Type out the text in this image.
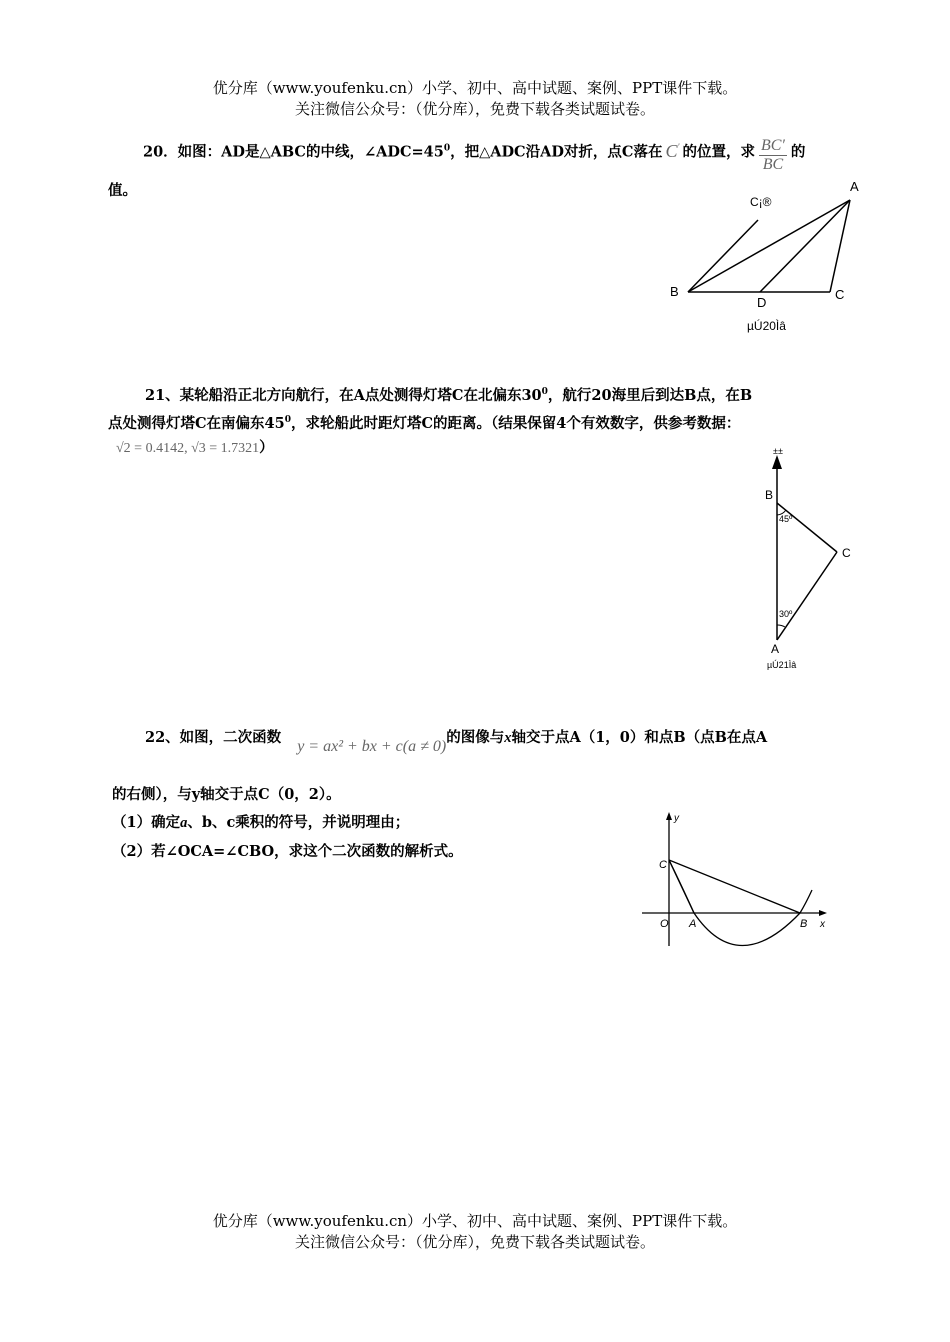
优分库（www.youfenku.cn）小学、初中、高中试题、案例、PPT课件下载。
关注微信公众号：（优分库），免费下载各类试题试卷。
20．如图：AD是△ABC的中线，$\angle ADC=45^0$，把△ADC沿AD对折，点C落在 C′ 的位置，求 $\frac{BC'}{BC}$ 的
值。
C¡®
A
B
D
C
µÚ20Ìâ
21、某轮船沿正北方向航行，在A点处测得灯塔C在北偏东$30^0$，航行20海里后到达B点，在B
点处测得灯塔C在南偏东$45^0$，求轮船此时距灯塔C的距离。（结果保留4个有效数字，供参考数据：
√2 = 0.4142, √3 = 1.7321）	±±
B
45º
C
30º
A
µÚ21Ìâ
22、如图，二次函数y = ax² + bx + c(a ≠ 0)的图像与x轴交于点A（1，0）和点B（点B在点A
的右侧），与y轴交于点C（0，2）。
（1）确定a、b、c乘积的符号，并说明理由；
（2）若∠OCA=∠CBO，求这个二次函数的解析式。
y
x
C
O A	B
优分库（www.youfenku.cn）小学、初中、高中试题、案例、PPT课件下载。
关注微信公众号：（优分库），免费下载各类试题试卷。
